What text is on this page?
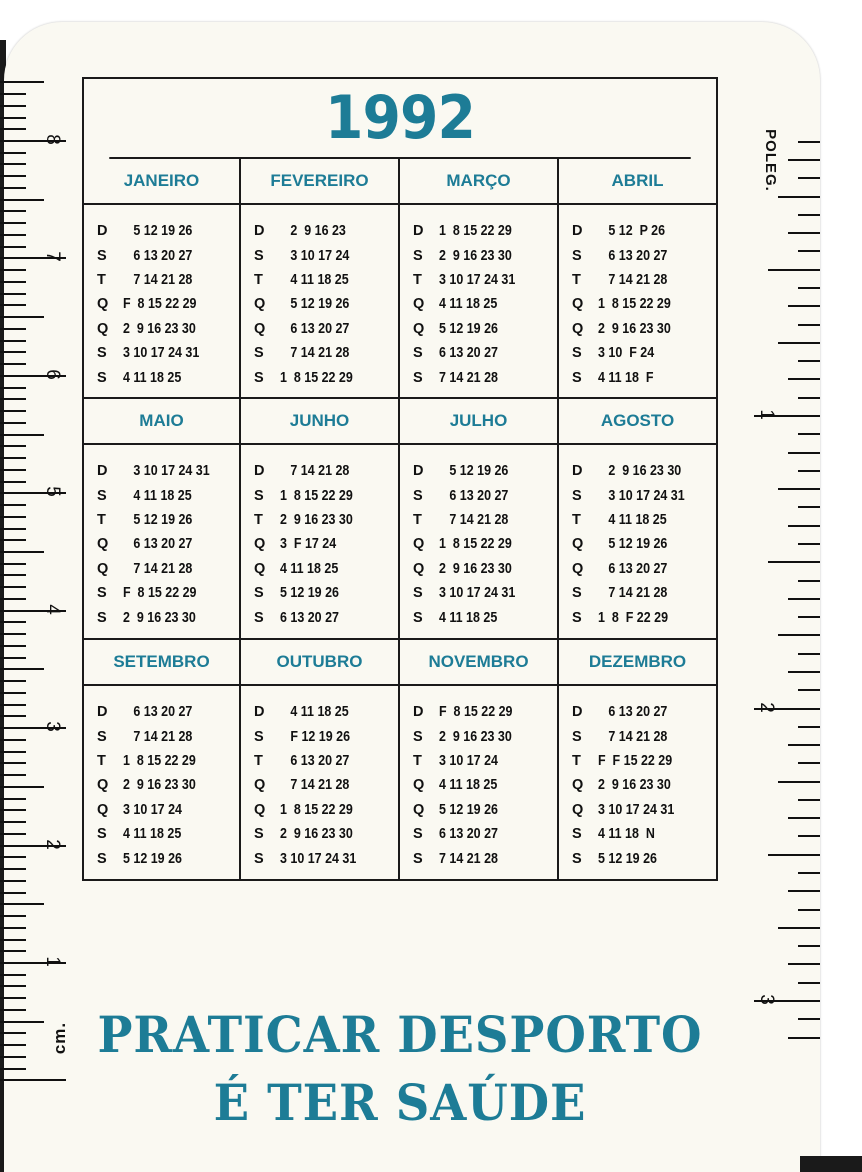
8
7
6
5
4
3
2
1
cm.
1
2
3
POLEG.
1992
JANEIRO
D	5 12 19 26
S	6 13 20 27
T	7 14 21 28
Q	F  8 15 22 29
Q	2  9 16 23 30
S	3 10 17 24 31
S	4 11 18 25
FEVEREIRO
D	2  9 16 23
S	3 10 17 24
T	4 11 18 25
Q	5 12 19 26
Q	6 13 20 27
S	7 14 21 28
S	1  8 15 22 29
MARÇO
D	1  8 15 22 29
S	2  9 16 23 30
T	3 10 17 24 31
Q	4 11 18 25
Q	5 12 19 26
S	6 13 20 27
S	7 14 21 28
ABRIL
D	5 12  P 26
S	6 13 20 27
T	7 14 21 28
Q	1  8 15 22 29
Q	2  9 16 23 30
S	3 10  F 24
S	4 11 18  F
MAIO
D	3 10 17 24 31
S	4 11 18 25
T	5 12 19 26
Q	6 13 20 27
Q	7 14 21 28
S	F  8 15 22 29
S	2  9 16 23 30
JUNHO
D	7 14 21 28
S	1  8 15 22 29
T	2  9 16 23 30
Q	3  F 17 24
Q	4 11 18 25
S	5 12 19 26
S	6 13 20 27
JULHO
D	5 12 19 26
S	6 13 20 27
T	7 14 21 28
Q	1  8 15 22 29
Q	2  9 16 23 30
S	3 10 17 24 31
S	4 11 18 25
AGOSTO
D	2  9 16 23 30
S	3 10 17 24 31
T	4 11 18 25
Q	5 12 19 26
Q	6 13 20 27
S	7 14 21 28
S	1  8  F 22 29
SETEMBRO
D	6 13 20 27
S	7 14 21 28
T	1  8 15 22 29
Q	2  9 16 23 30
Q	3 10 17 24
S	4 11 18 25
S	5 12 19 26
OUTUBRO
D	4 11 18 25
S	F 12 19 26
T	6 13 20 27
Q	7 14 21 28
Q	1  8 15 22 29
S	2  9 16 23 30
S	3 10 17 24 31
NOVEMBRO
D	F  8 15 22 29
S	2  9 16 23 30
T	3 10 17 24
Q	4 11 18 25
Q	5 12 19 26
S	6 13 20 27
S	7 14 21 28
DEZEMBRO
D	6 13 20 27
S	7 14 21 28
T	F  F 15 22 29
Q	2  9 16 23 30
Q	3 10 17 24 31
S	4 11 18  N
S	5 12 19 26
PRATICAR DESPORTO
É TER SAÚDE
